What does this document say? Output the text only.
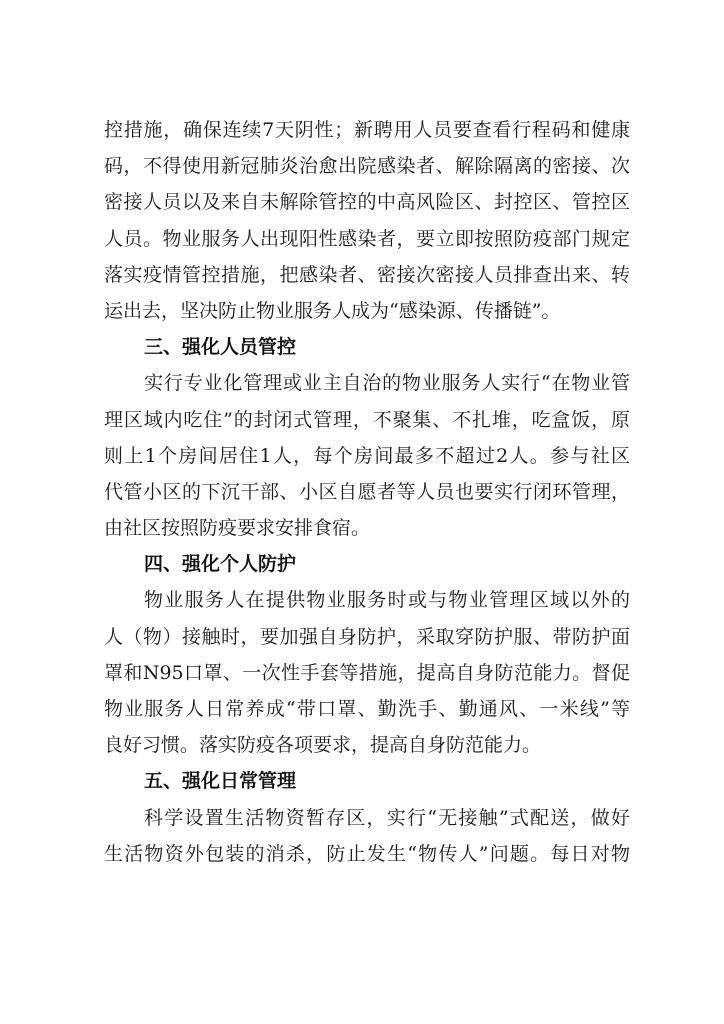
控措施，确保连续7天阴性；新聘用人员要查看行程码和健康
码，不得使用新冠肺炎治愈出院感染者、解除隔离的密接、次
密接人员以及来自未解除管控的中高风险区、封控区、管控区
人员。物业服务人出现阳性感染者，要立即按照防疫部门规定
落实疫情管控措施，把感染者、密接次密接人员排查出来、转
运出去，坚决防止物业服务人成为“感染源、传播链”。
三、强化人员管控
实行专业化管理或业主自治的物业服务人实行“在物业管
理区域内吃住”的封闭式管理，不聚集、不扎堆，吃盒饭，原
则上1个房间居住1人，每个房间最多不超过2人。参与社区
代管小区的下沉干部、小区自愿者等人员也要实行闭环管理，
由社区按照防疫要求安排食宿。
四、强化个人防护
物业服务人在提供物业服务时或与物业管理区域以外的
人（物）接触时，要加强自身防护，采取穿防护服、带防护面
罩和N95口罩、一次性手套等措施，提高自身防范能力。督促
物业服务人日常养成“带口罩、勤洗手、勤通风、一米线”等
良好习惯。落实防疫各项要求，提高自身防范能力。
五、强化日常管理
科学设置生活物资暂存区，实行“无接触”式配送，做好
生活物资外包装的消杀，防止发生“物传人”问题。每日对物
